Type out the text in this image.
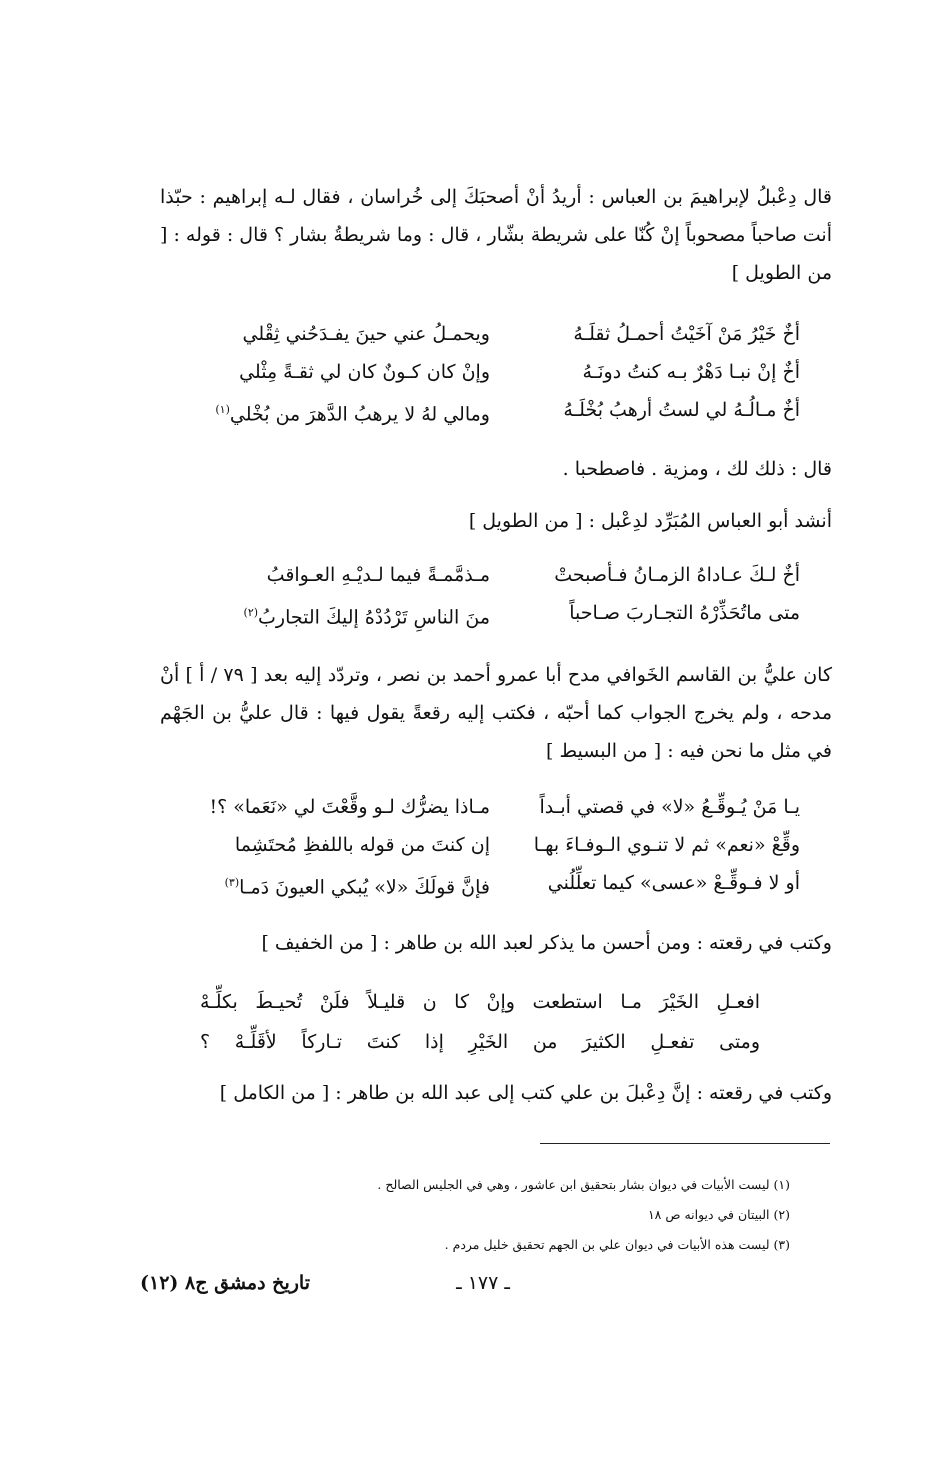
قال دِعْبلُ لإبراهيمَ بن العباس : أريدُ أنْ أصحبَكَ إلى خُراسان ، فقال لـه إبراهيم : حبّذا أنت صاحباً مصحوباً إنْ كُنّا على شريطة بشّار ، قال : وما شريطةُ بشار ؟ قال : قوله : [ من الطويل ]

أخٌ خَيْرُ مَنْ آخَيْتُ أحمـلُ ثقلَـهُ
ويحمـلُ عني حينَ يفـدَحُني ثِقْلي
أخٌ إنْ نبـا دَهْرٌ بـه كنتُ دونَـهُ
وإنْ كان كـونٌ كان لي ثقـةً مِثْلي
أخٌ مـالُـهُ لي لستُ أرهبُ بُخْلَـهُ
ومالي لهُ لا يرهبُ الدَّهرَ من بُخْلي$^{(١)}$

قال : ذلك لك ، ومزية . فاصطحبا .

أنشد أبو العباس المُبَرِّد لدِعْبل : [ من الطويل ]

أخٌ لـكَ عـاداهُ الزمـانُ فـأصبحتْ
مـذمَّمـةً فيما لـديْـهِ العـواقبُ
متى ماتُحَذِّرْهُ التجـاربَ صـاحباً
منَ الناسِ تَرْدُدْهُ إليكَ التجاربُ$^{(٢)}$

كان عليُّ بن القاسم الخَوافي مدح أبا عمرو أحمد بن نصر ، وتردّد إليه بعد [ ٧٩ / أ ] أنْ مدحه ، ولم يخرج الجواب كما أحبّه ، فكتب إليه رقعةً يقول فيها : قال عليُّ بن الجَهْم في مثل ما نحن فيه : [ من البسيط ]

يـا مَنْ يُـوقِّـعُ «لا» في قصتي أبـداً
مـاذا يضرُّك لـو وقَّعْتَ لي «نَعَما» ؟!
وقِّعْ «نعم» ثم لا تنـوي الـوفـاءَ بهـا
إن كنتَ من قوله باللفظِ مُحتَشِما
أو لا فـوقِّـعْ «عسى» كيما تعلِّلُني
فإنَّ قولَكَ «لا» يُبكي العيونَ دَمـا$^{(٣)}$

وكتب في رقعته : ومن أحسن ما يذكر لعبد الله بن طاهر : [ من الخفيف ]

افعـلِ الخَيْرَ مـا استطعت وإنْ كا ن قليـلاً فلَنْ تُحيـطَ بكلِّـهْ
ومتى تفعـلِ الكثيرَ من الخَيْرِ إذا كنتَ تـاركاً لأقَلِّـهْ ؟

وكتب في رقعته : إنَّ دِعْبلَ بن علي كتب إلى عبد الله بن طاهر : [ من الكامل ]

(١) ليست الأبيات في ديوان بشار بتحقيق ابن عاشور ، وهي في الجليس الصالح .
(٢) البيتان في ديوانه ص ١٨
(٣) ليست هذه الأبيات في ديوان علي بن الجهم تحقيق خليل مردم .
ـ ١٧٧ ـ
تاريخ دمشق ج٨ (١٢)
